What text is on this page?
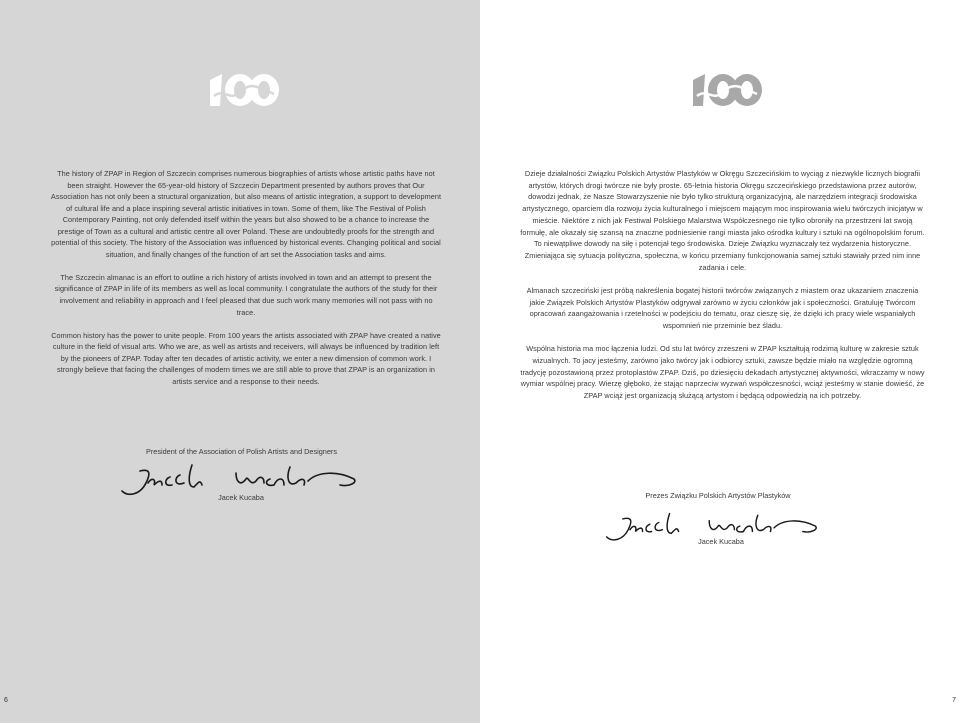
The history of ZPAP in Region of Szczecin comprises numerous biographies of artists whose artistic paths have not been straight. However the 65-year-old history of Szczecin Department presented by authors proves that Our Association has not only been a structural organization, but also means of artistic integration, a support to development of cultural life and a place inspiring several artistic initiatives in town. Some of them, like The Festival of Polish Contemporary Painting, not only defended itself within the years but also showed to be a chance to increase the prestige of Town as a cultural and artistic centre all over Poland. These are undoubtedly proofs for the strength and potential of this society. The history of the Association was influenced by historical events. Changing political and social situation, and finally changes of the function of art set the Association tasks and aims.

The Szczecin almanac is an effort to outline a rich history of artists involved in town and an attempt to present the significance of ZPAP in life of its members as well as local community. I congratulate the authors of the study for their involvement and reliability in approach and I feel pleased that due such work many memories will not pass with no trace.

Common history has the power to unite people. From 100 years the artists associated with ZPAP have created a native culture in the field of visual arts. Who we are, as well as artists and receivers, will always be influenced by tradition left by the pioneers of ZPAP. Today after ten decades of artistic activity, we enter a new dimension of common work. I strongly believe that facing the challenges of modern times we are still able to prove that ZPAP is an organization in artists service and a response to their needs.

President of the Association of Polish Artists and Designers
Jacek Kucaba
6

Dzieje działalności Związku Polskich Artystów Plastyków w Okręgu Szczecińskim to wyciąg z niezwykle licznych biografii artystów, których drogi twórcze nie były proste. 65-letnia historia Okręgu szczecińskiego przedstawiona przez autorów, dowodzi jednak, że Nasze Stowarzyszenie nie było tylko strukturą organizacyjną, ale narzędziem integracji środowiska artystycznego, oparciem dla rozwoju życia kulturalnego i miejscem mającym moc inspirowania wielu twórczych inicjatyw w mieście. Niektóre z nich jak Festiwal Polskiego Malarstwa Współczesnego nie tylko obroniły na przestrzeni lat swoją formułę, ale okazały się szansą na znaczne podniesienie rangi miasta jako ośrodka kultury i sztuki na ogólnopolskim forum. To niewątpliwe dowody na siłę i potencjał tego środowiska. Dzieje Związku wyznaczały też wydarzenia historyczne. Zmieniająca się sytuacja polityczna, społeczna, w końcu przemiany funkcjonowania samej sztuki stawiały przed nim inne zadania i cele.

Almanach szczeciński jest próbą nakreślenia bogatej historii twórców związanych z miastem oraz ukazaniem znaczenia jakie Związek Polskich Artystów Plastyków odgrywał zarówno w życiu członków jak i społeczności. Gratuluję Twórcom opracowań zaangażowania i rzetelności w podejściu do tematu, oraz cieszę się, że dzięki ich pracy wiele wspaniałych wspomnień nie przeminie bez śladu.

Wspólna historia ma moc łączenia ludzi. Od stu lat twórcy zrzeszeni w ZPAP kształtują rodzimą kulturę w zakresie sztuk wizualnych. To jacy jesteśmy, zarówno jako twórcy jak i odbiorcy sztuki, zawsze będzie miało na względzie ogromną tradycję pozostawioną przez protoplastów ZPAP. Dziś, po dziesięciu dekadach artystycznej aktywności, wkraczamy w nowy wymiar wspólnej pracy. Wierzę głęboko, że stając naprzeciw wyzwań współczesności, wciąż jesteśmy w stanie dowieść, że ZPAP wciąż jest organizacją służącą artystom i będącą odpowiedzią na ich potrzeby.

Prezes Związku Polskich Artystów Plastyków
Jacek Kucaba
7
